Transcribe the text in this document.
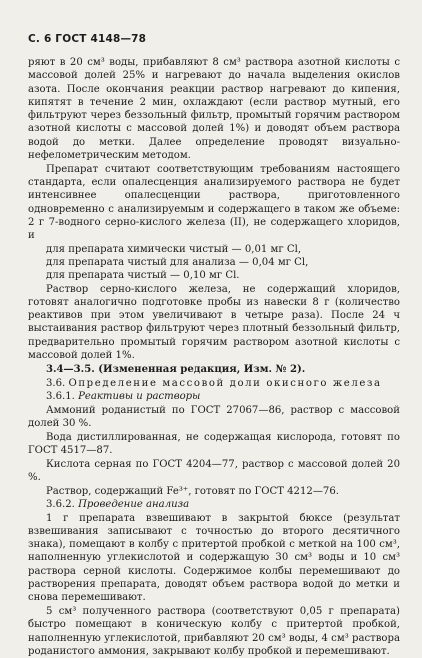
С. 6 ГОСТ 4148—78

ряют в 20 см³ воды, прибавляют 8 см³ раствора азотной кислоты с массовой долей 25% и нагревают до начала выделения окислов азота. После окончания реакции раствор нагревают до кипения, кипятят в течение 2 мин, охлаждают (если раствор мутный, его фильтруют через беззольный фильтр, промытый горячим раствором азотной кислоты с массовой долей 1%) и доводят объем раствора водой до метки. Далее определение проводят визуально-нефелометрическим методом.

Препарат считают соответствующим требованиям настоящего стандарта, если опалесценция анализируемого раствора не будет интенсивнее опалесценции раствора, приготовленного одновременно с анализируемым и содержащего в таком же объеме: 2 г 7-водного серно-кислого железа (II), не содержащего хлоридов, и

для препарата химически чистый — 0,01 мг Cl,

для препарата чистый для анализа — 0,04 мг Cl,

для препарата чистый — 0,10 мг Cl.

Раствор серно-кислого железа, не содержащий хлоридов, готовят аналогично подготовке пробы из навески 8 г (количество реактивов при этом увеличивают в четыре раза). После 24 ч выстаивания раствор фильтруют через плотный беззольный фильтр, предварительно промытый горячим раствором азотной кислоты с массовой долей 1%.

3.4—3.5. (Измененная редакция, Изм. № 2).

3.6. Определение массовой доли окисного железа

3.6.1. Реактивы и растворы

Аммоний роданистый по ГОСТ 27067—86, раствор с массовой долей 30 %.

Вода дистиллированная, не содержащая кислорода, готовят по ГОСТ 4517—87.

Кислота серная по ГОСТ 4204—77, раствор с массовой долей 20 %.

Раствор, содержащий Fe³⁺, готовят по ГОСТ 4212—76.

3.6.2. Проведение анализа

1 г препарата взвешивают в закрытой бюксе (результат взвешивания записывают с точностью до второго десятичного знака), помещают в колбу с притертой пробкой с меткой на 100 см³, наполненную углекислотой и содержащую 30 см³ воды и 10 см³ раствора серной кислоты. Содержимое колбы перемешивают до растворения препарата, доводят объем раствора водой до метки и снова перемешивают.

5 см³ полученного раствора (соответствуют 0,05 г препарата) быстро помещают в коническую колбу с притертой пробкой, наполненную углекислотой, прибавляют 20 см³ воды, 4 см³ раствора роданистого аммония, закрывают колбу пробкой и перемешивают.
